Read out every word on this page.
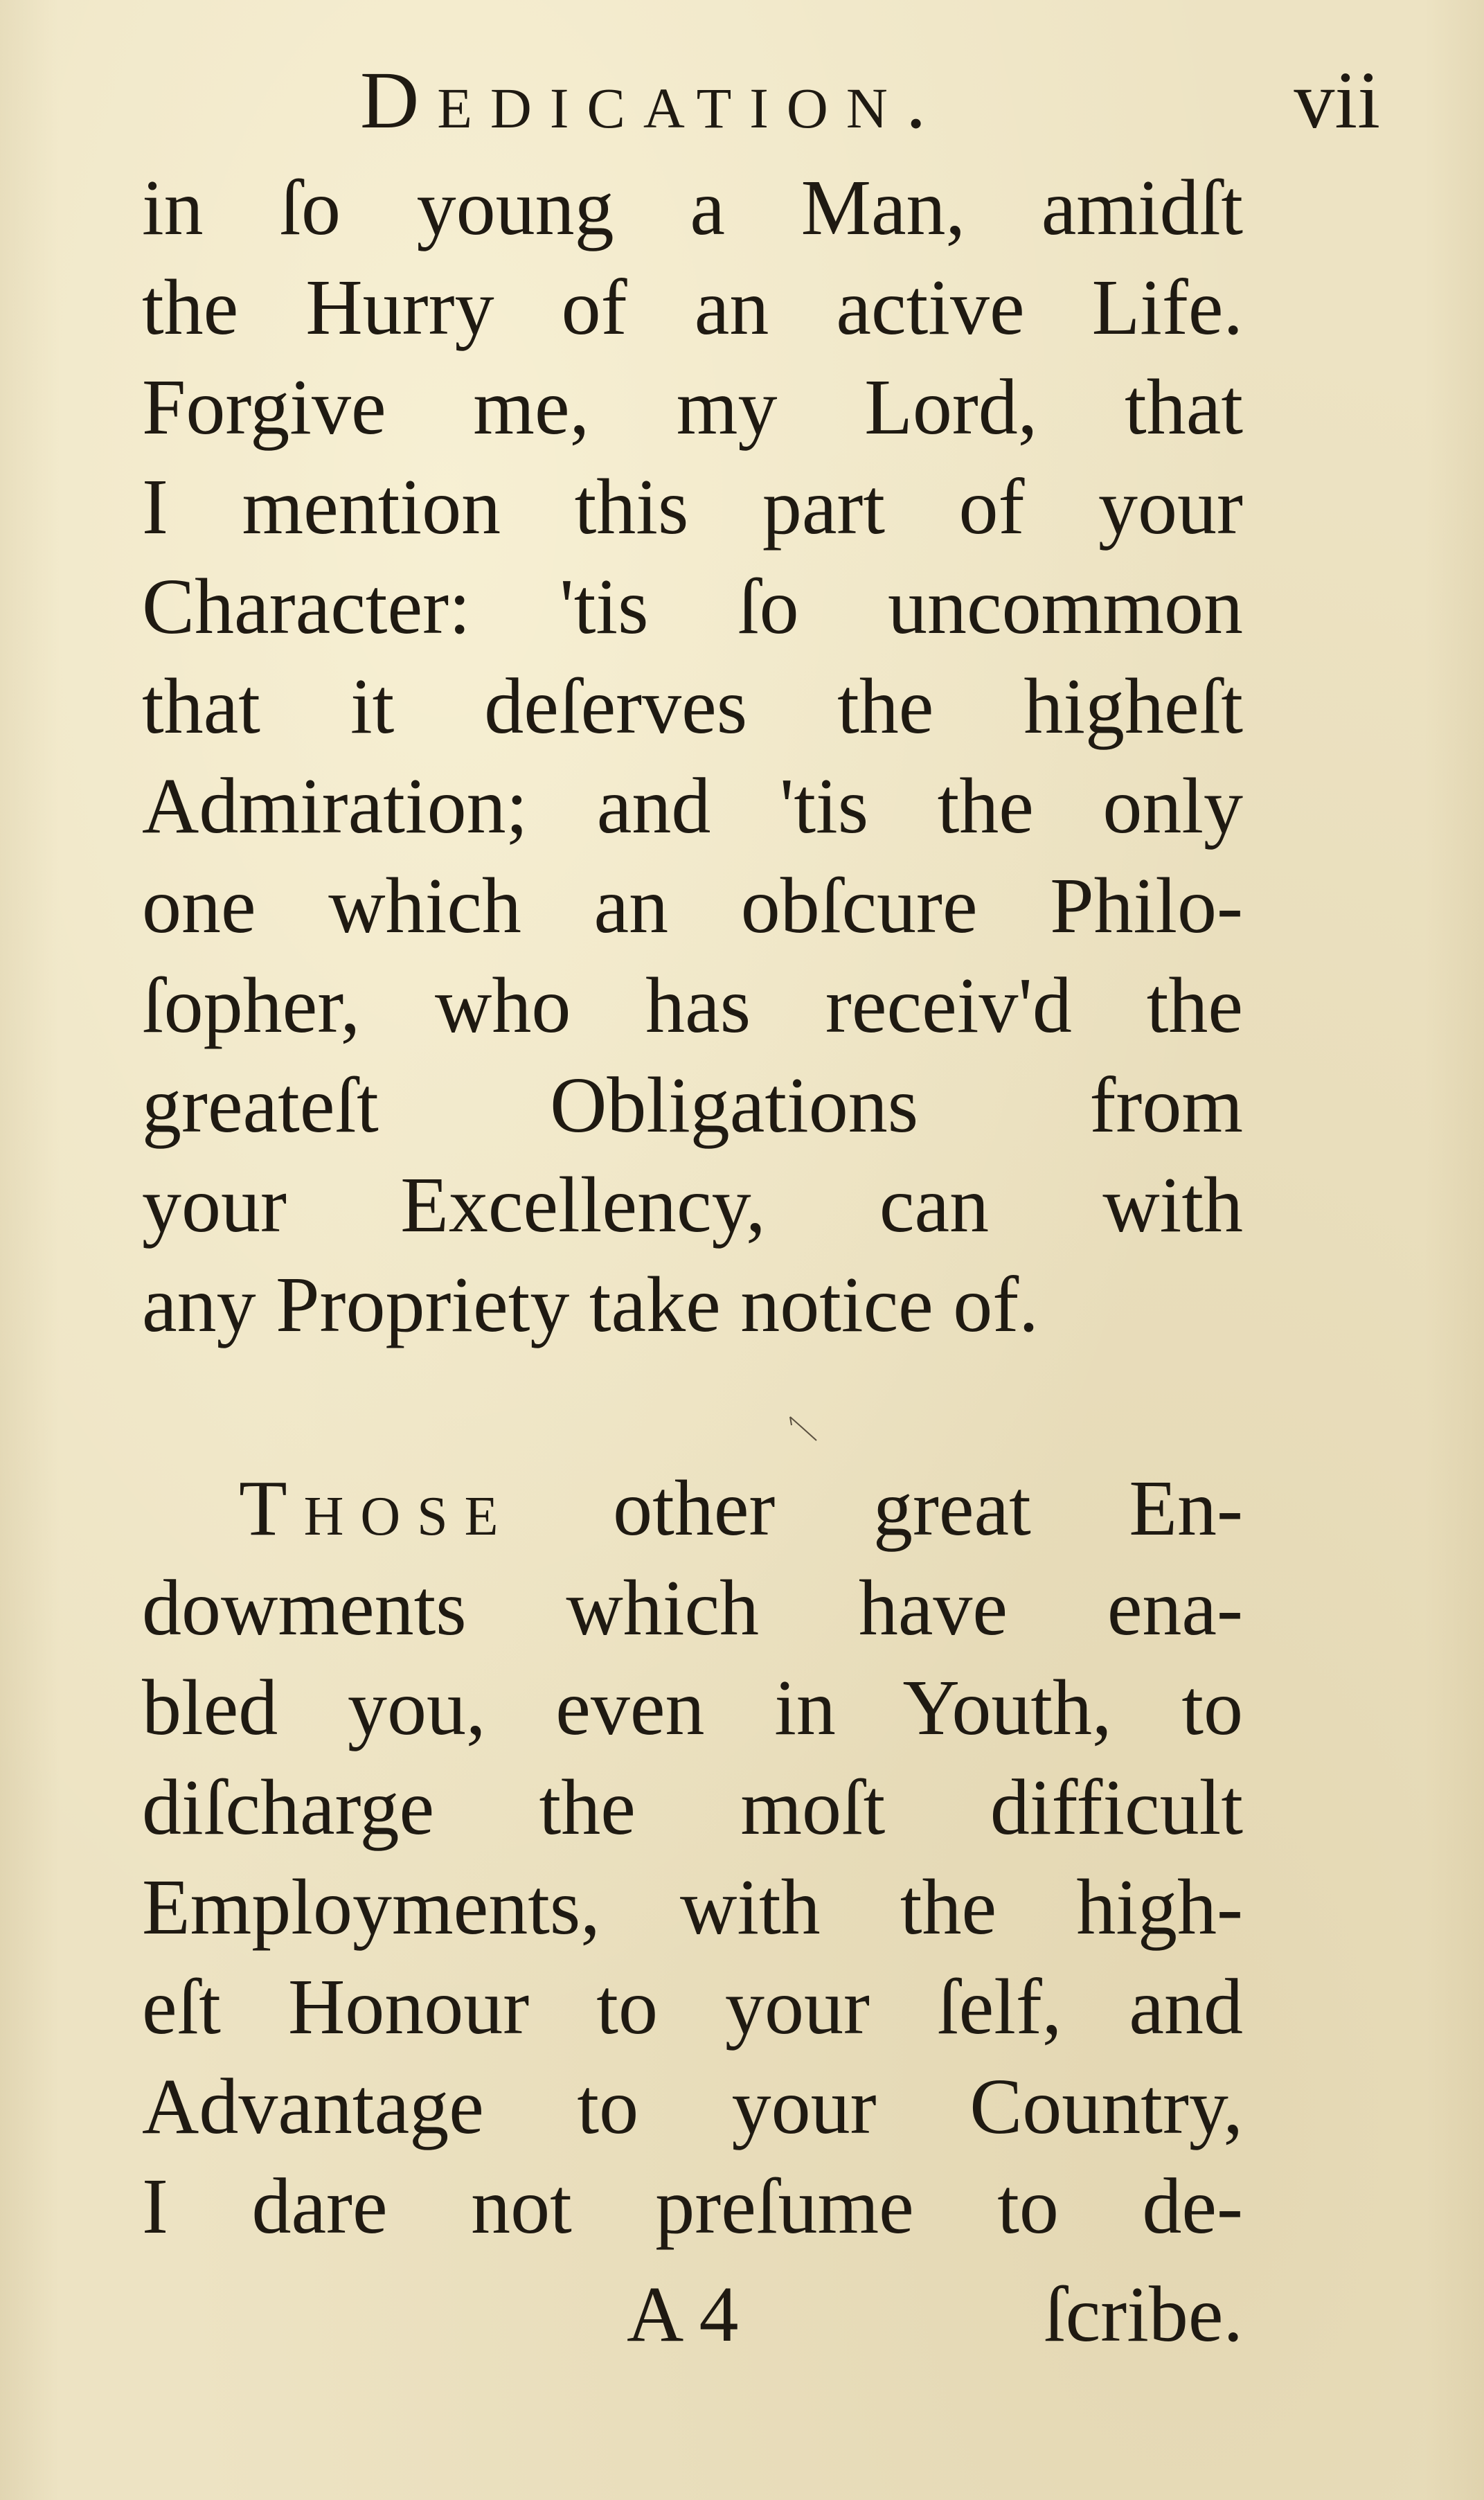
Dedication.	vii
in ſo young a Man, amidſt
the Hurry of an active Life.
Forgive me, my Lord, that
I mention this part of your
Character: 'tis ſo uncommon
that it deſerves the higheſt
Admiration; and 'tis the only
one which an obſcure Philo-
ſopher, who has receiv'd the
greateſt Obligations from
your Excellency, can with
any Propriety take notice of.
Those other great En-
dowments which have ena-
bled you, even in Youth, to
diſcharge the moſt difficult
Employments, with the high-
eſt Honour to your ſelf, and
Advantage to your Country,
I dare not preſume to de-
A 4	ſcribe.
